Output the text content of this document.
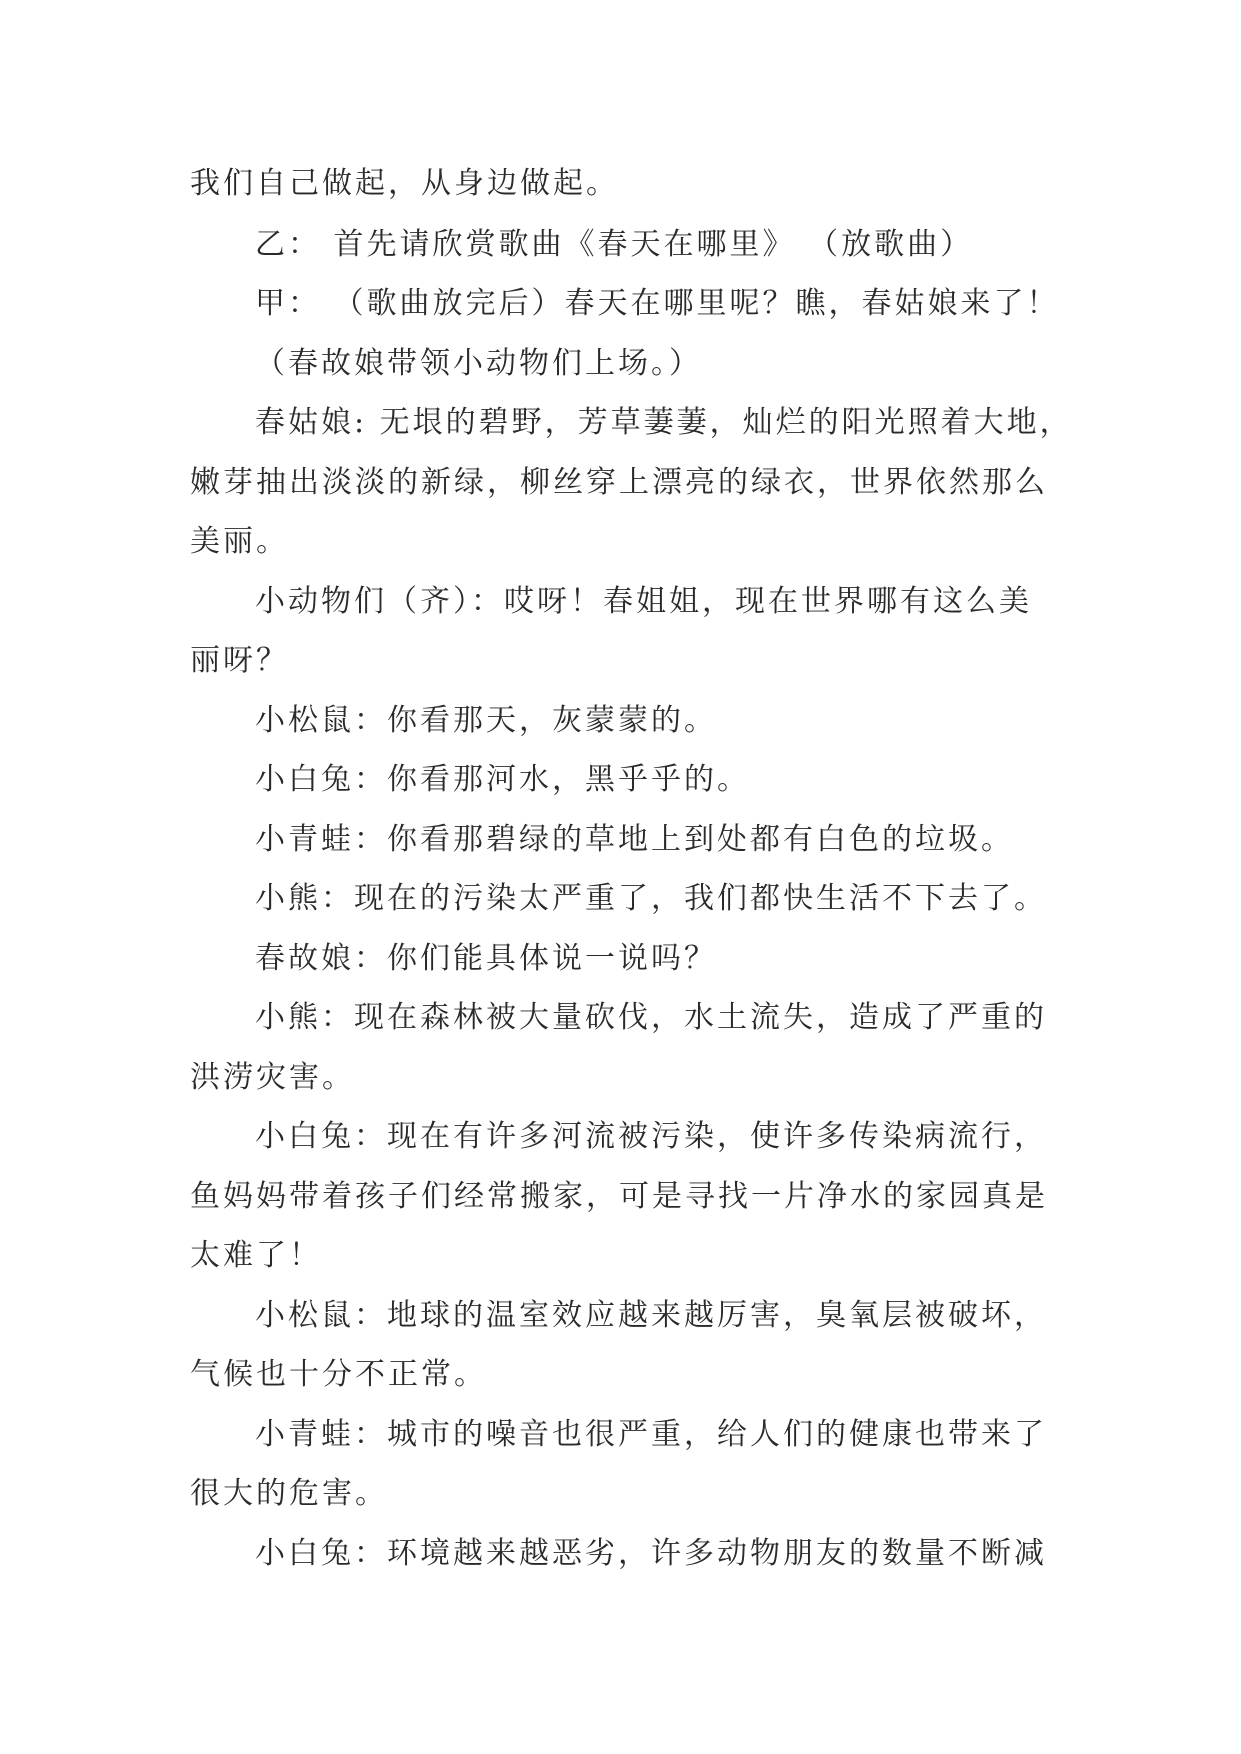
我们自己做起，从身边做起。
乙： 首先请欣赏歌曲《春天在哪里》 （放歌曲）
甲： （歌曲放完后）春天在哪里呢？瞧，春姑娘来了！
（春故娘带领小动物们上场。）
春姑娘: 无垠的碧野，芳草萋萋，灿烂的阳光照着大地，
嫩芽抽出淡淡的新绿，柳丝穿上漂亮的绿衣，世界依然那么
美丽。
小动物们（齐）：哎呀！春姐姐，现在世界哪有这么美
丽呀？
小松鼠：你看那天，灰蒙蒙的。
小白兔：你看那河水，黑乎乎的。
小青蛙：你看那碧绿的草地上到处都有白色的垃圾。
小熊：现在的污染太严重了，我们都快生活不下去了。
春故娘：你们能具体说一说吗？
小熊：现在森林被大量砍伐，水土流失，造成了严重的
洪涝灾害。
小白兔：现在有许多河流被污染，使许多传染病流行，
鱼妈妈带着孩子们经常搬家，可是寻找一片净水的家园真是
太难了！
小松鼠：地球的温室效应越来越厉害，臭氧层被破坏，
气候也十分不正常。
小青蛙：城市的噪音也很严重，给人们的健康也带来了
很大的危害。
小白兔：环境越来越恶劣，许多动物朋友的数量不断减
